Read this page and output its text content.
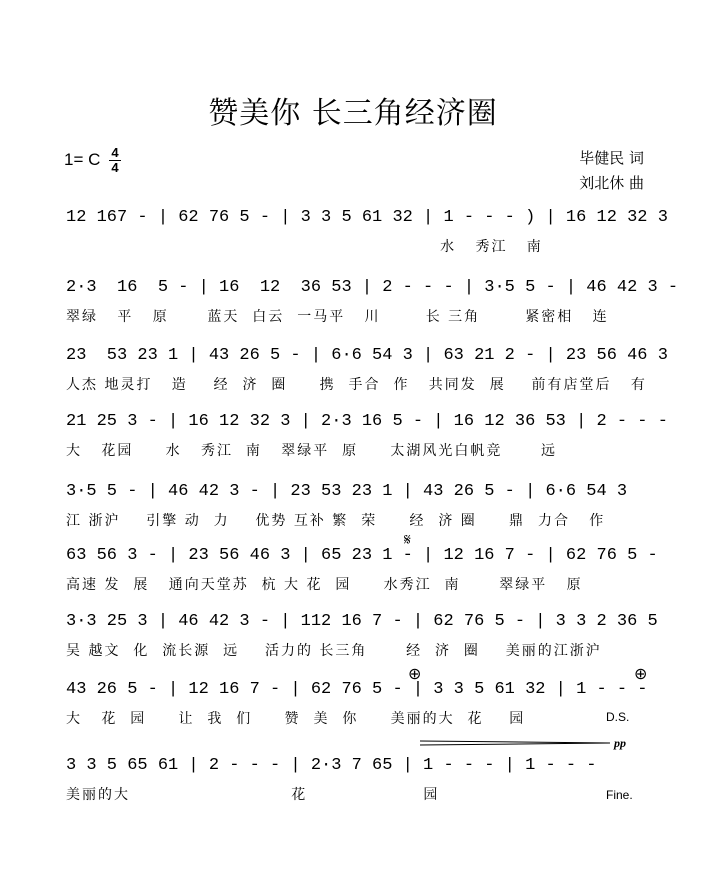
赞美你 长三角经济圈
1= C 4
4
毕健民 词
刘北休 曲
12 167 - | 62 76 5 - | 3 3 5 61 32 | 1 - - - ) | 16 12 32 3
水   秀江   南
2·3  16  5 - | 16  12  36 53 | 2 - - - | 3·5 5 - | 46 42 3 -
翠绿   平   原      蓝天  白云  一马平   川       长 三角       紧密相   连
23  53 23 1 | 43 26 5 - | 6·6 54 3 | 63 21 2 - | 23 56 46 3
人杰 地灵打   造    经  济  圈     携  手合  作   共同发  展    前有店堂后   有
21 25 3 - | 16 12 32 3 | 2·3 16 5 - | 16 12 36 53 | 2 - - -
大   花园     水   秀江  南   翠绿平  原     太湖风光白帆竞      远
3·5 5 - | 46 42 3 - | 23 53 23 1 | 43 26 5 - | 6·6 54 3
江 浙沪    引擎 动  力    优势 互补 繁  荣     经  济 圈     鼎  力合   作
63 56 3 - | 23 56 46 3 | 65 23 1 - | 12 16 7 - | 62 76 5 -
高速 发  展   通向天堂苏  杭 大 花  园     水秀江  南      翠绿平   原
3·3 25 3 | 46 42 3 - | 112 16 7 - | 62 76 5 - | 3 3 2 36 5
吴 越文  化  流长源  远    活力的 长三角      经  济  圈    美丽的江浙沪
43 26 5 - | 12 16 7 - | 62 76 5 - | 3 3 5 61 32 | 1 - - -
大   花  园     让  我  们     赞  美  你     美丽的大  花    园	D.S.
3 3 5 65 61 | 2 - - - | 2·3 7 65 | 1 - - - | 1 - - -
美丽的大                         花                  园	Fine.
𝄋
⊕	⊕
pp
